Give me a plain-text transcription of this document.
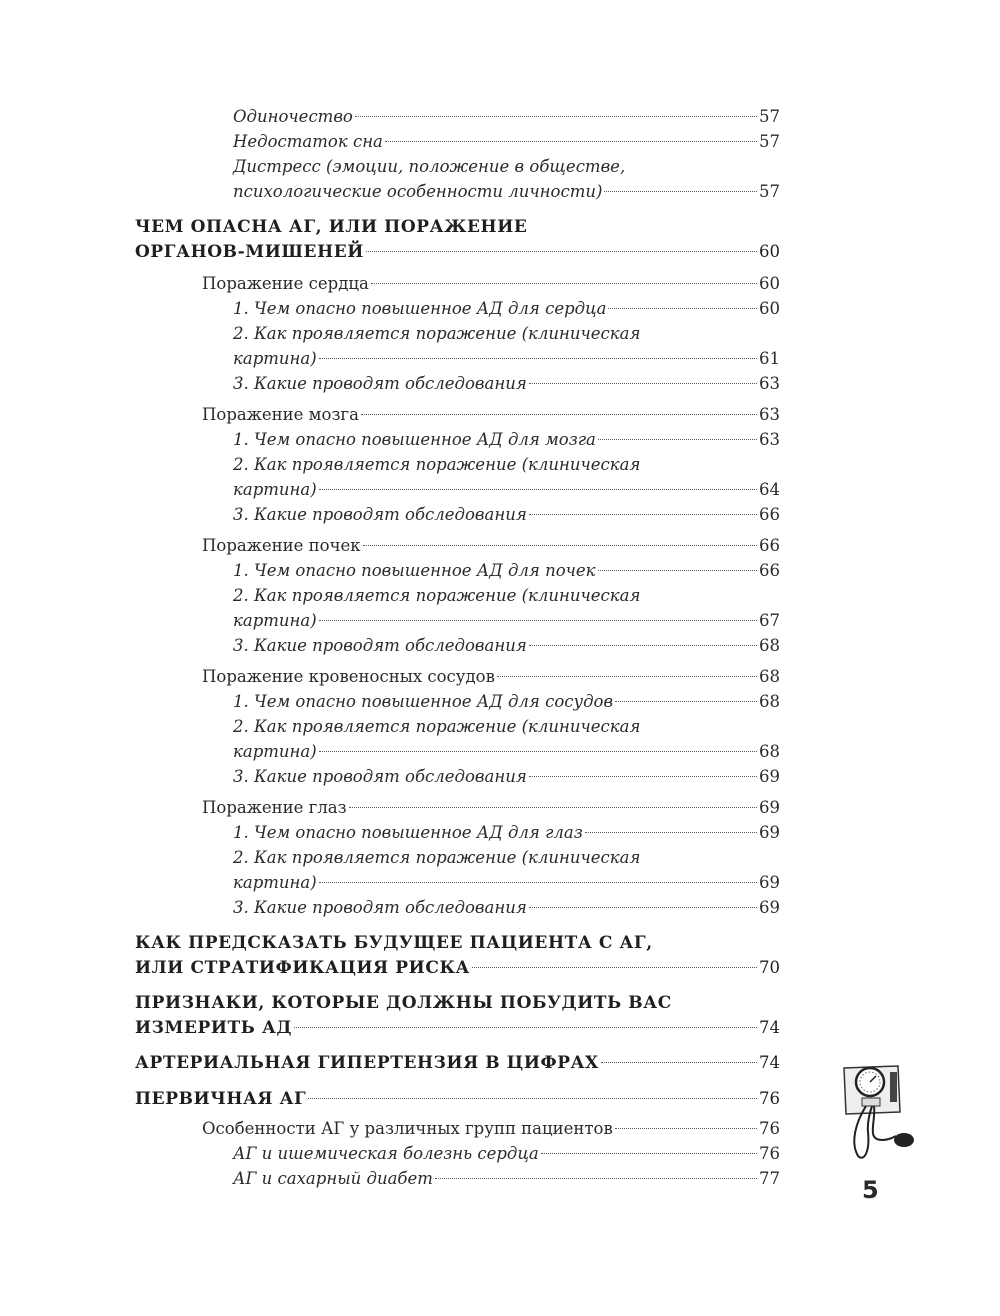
Одиночество	57
Недостаток сна	57
Дистресс (эмоции, положение в обществе,
психологические особенности личности)	57
ЧЕМ ОПАСНА АГ, ИЛИ ПОРАЖЕНИЕ
ОРГАНОВ-МИШЕНЕЙ	60
Поражение сердца	60
1. Чем опасно повышенное АД для сердца	60
2. Как проявляется поражение (клиническая
картина)	61
3. Какие проводят обследования	63
Поражение мозга	63
1. Чем опасно повышенное АД для мозга	63
2. Как проявляется поражение (клиническая
картина)	64
3. Какие проводят обследования	66
Поражение почек	66
1. Чем опасно повышенное АД для почек	66
2. Как проявляется поражение (клиническая
картина)	67
3. Какие проводят обследования	68
Поражение кровеносных сосудов	68
1. Чем опасно повышенное АД для сосудов	68
2. Как проявляется поражение (клиническая
картина)	68
3. Какие проводят обследования	69
Поражение глаз	69
1. Чем опасно повышенное АД для глаз	69
2. Как проявляется поражение (клиническая
картина)	69
3. Какие проводят обследования	69
КАК ПРЕДСКАЗАТЬ БУДУЩЕЕ ПАЦИЕНТА С АГ,
ИЛИ СТРАТИФИКАЦИЯ РИСКА	70
ПРИЗНАКИ, КОТОРЫЕ ДОЛЖНЫ ПОБУДИТЬ ВАС
ИЗМЕРИТЬ АД	74
АРТЕРИАЛЬНАЯ ГИПЕРТЕНЗИЯ В ЦИФРАХ	74
ПЕРВИЧНАЯ АГ	76
Особенности АГ у различных групп пациентов	76
АГ и ишемическая болезнь сердца	76
АГ и сахарный диабет	77	5
